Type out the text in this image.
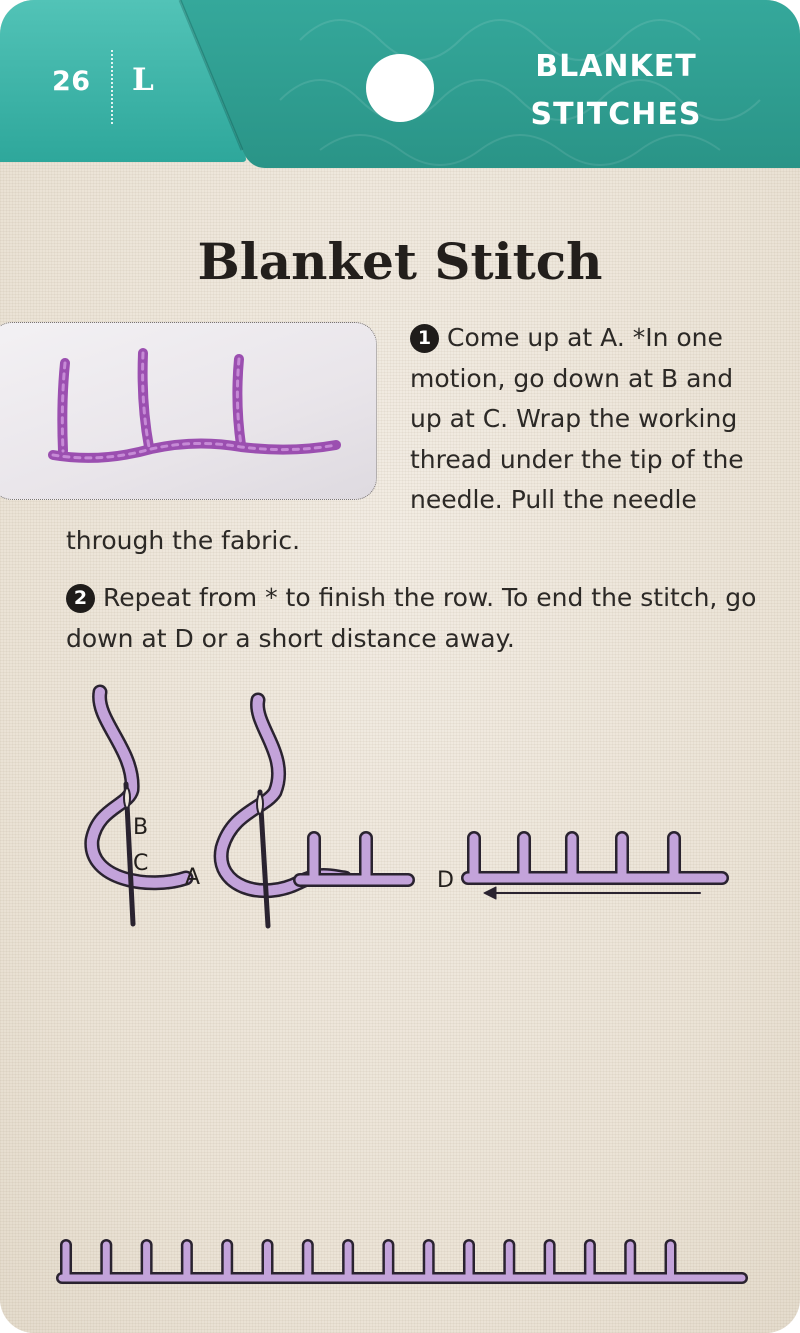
26 L	BLANKET
STITCHES
Blanket Stitch

1 Come up at A. *In one motion, go down at B and up at C. Wrap the working thread under the tip of the needle. Pull the needle through the fabric.

2 Repeat from * to finish the row. To end the stitch, go down at D or a short distance away.

B
C
A	D
